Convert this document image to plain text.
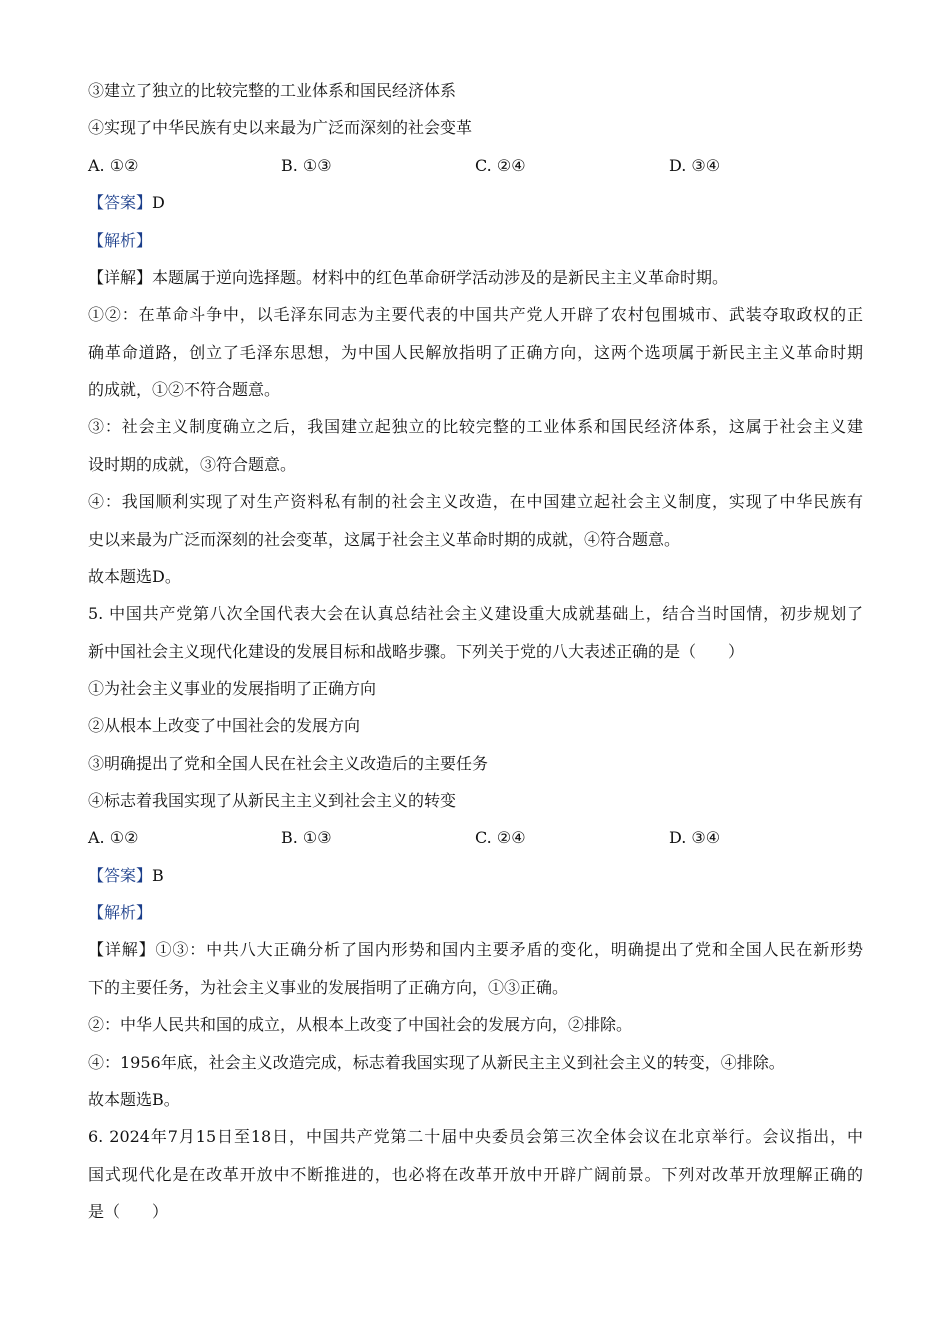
③建立了独立的比较完整的工业体系和国民经济体系
④实现了中华民族有史以来最为广泛而深刻的社会变革
A. ①②	B. ①③	C. ②④	D. ③④
【答案】D
【解析】
【详解】本题属于逆向选择题。材料中的红色革命研学活动涉及的是新民主主义革命时期。
①②：在革命斗争中，以毛泽东同志为主要代表的中国共产党人开辟了农村包围城市、武装夺取政权的正
确革命道路，创立了毛泽东思想，为中国人民解放指明了正确方向，这两个选项属于新民主主义革命时期
的成就，①②不符合题意。
③：社会主义制度确立之后，我国建立起独立的比较完整的工业体系和国民经济体系，这属于社会主义建
设时期的成就，③符合题意。
④：我国顺利实现了对生产资料私有制的社会主义改造，在中国建立起社会主义制度，实现了中华民族有
史以来最为广泛而深刻的社会变革，这属于社会主义革命时期的成就，④符合题意。
故本题选D。
5. 中国共产党第八次全国代表大会在认真总结社会主义建设重大成就基础上，结合当时国情，初步规划了
新中国社会主义现代化建设的发展目标和战略步骤。下列关于党的八大表述正确的是（　　）
①为社会主义事业的发展指明了正确方向
②从根本上改变了中国社会的发展方向
③明确提出了党和全国人民在社会主义改造后的主要任务
④标志着我国实现了从新民主主义到社会主义的转变
A. ①②	B. ①③	C. ②④	D. ③④
【答案】B
【解析】
【详解】①③：中共八大正确分析了国内形势和国内主要矛盾的变化，明确提出了党和全国人民在新形势
下的主要任务，为社会主义事业的发展指明了正确方向，①③正确。
②：中华人民共和国的成立，从根本上改变了中国社会的发展方向，②排除。
④：1956年底，社会主义改造完成，标志着我国实现了从新民主主义到社会主义的转变，④排除。
故本题选B。
6. 2024年7月15日至18日，中国共产党第二十届中央委员会第三次全体会议在北京举行。会议指出，中
国式现代化是在改革开放中不断推进的，也必将在改革开放中开辟广阔前景。下列对改革开放理解正确的
是（　　）
